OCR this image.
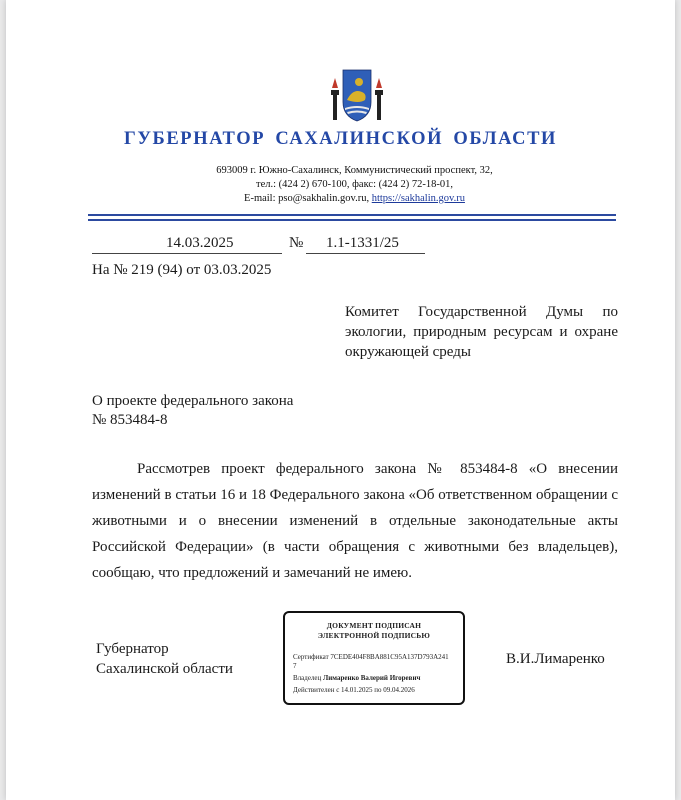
ГУБЕРНАТОР САХАЛИНСКОЙ ОБЛАСТИ
693009 г. Южно-Сахалинск, Коммунистический проспект, 32,
тел.: (424 2) 670-100, факс: (424 2) 72-18-01,
E-mail: pso@sakhalin.gov.ru, https://sakhalin.gov.ru
14.03.2025	№ 1.1-1331/25
На № 219 (94) от 03.03.2025
Комитет Государственной Думы по экологии, природным ресурсам и охране окружающей среды
О проекте федерального закона
№ 853484-8
Рассмотрев проект федерального закона № 853484-8 «О внесении изменений в статьи 16 и 18 Федерального закона «Об ответственном обращении с животными и о внесении изменений в отдельные законодательные акты Российской Федерации» (в части обращения с животными без владельцев), сообщаю, что предложений и замечаний не имею.
Губернатор
Сахалинской области
ДОКУМЕНТ ПОДПИСАН
ЭЛЕКТРОННОЙ ПОДПИСЬЮ
Сертификат 7CEDE404F8BA881C95A137D793A241
7
Владелец Лимаренко Валерий Игоревич
Действителен с 14.01.2025 по 09.04.2026
В.И.Лимаренко
